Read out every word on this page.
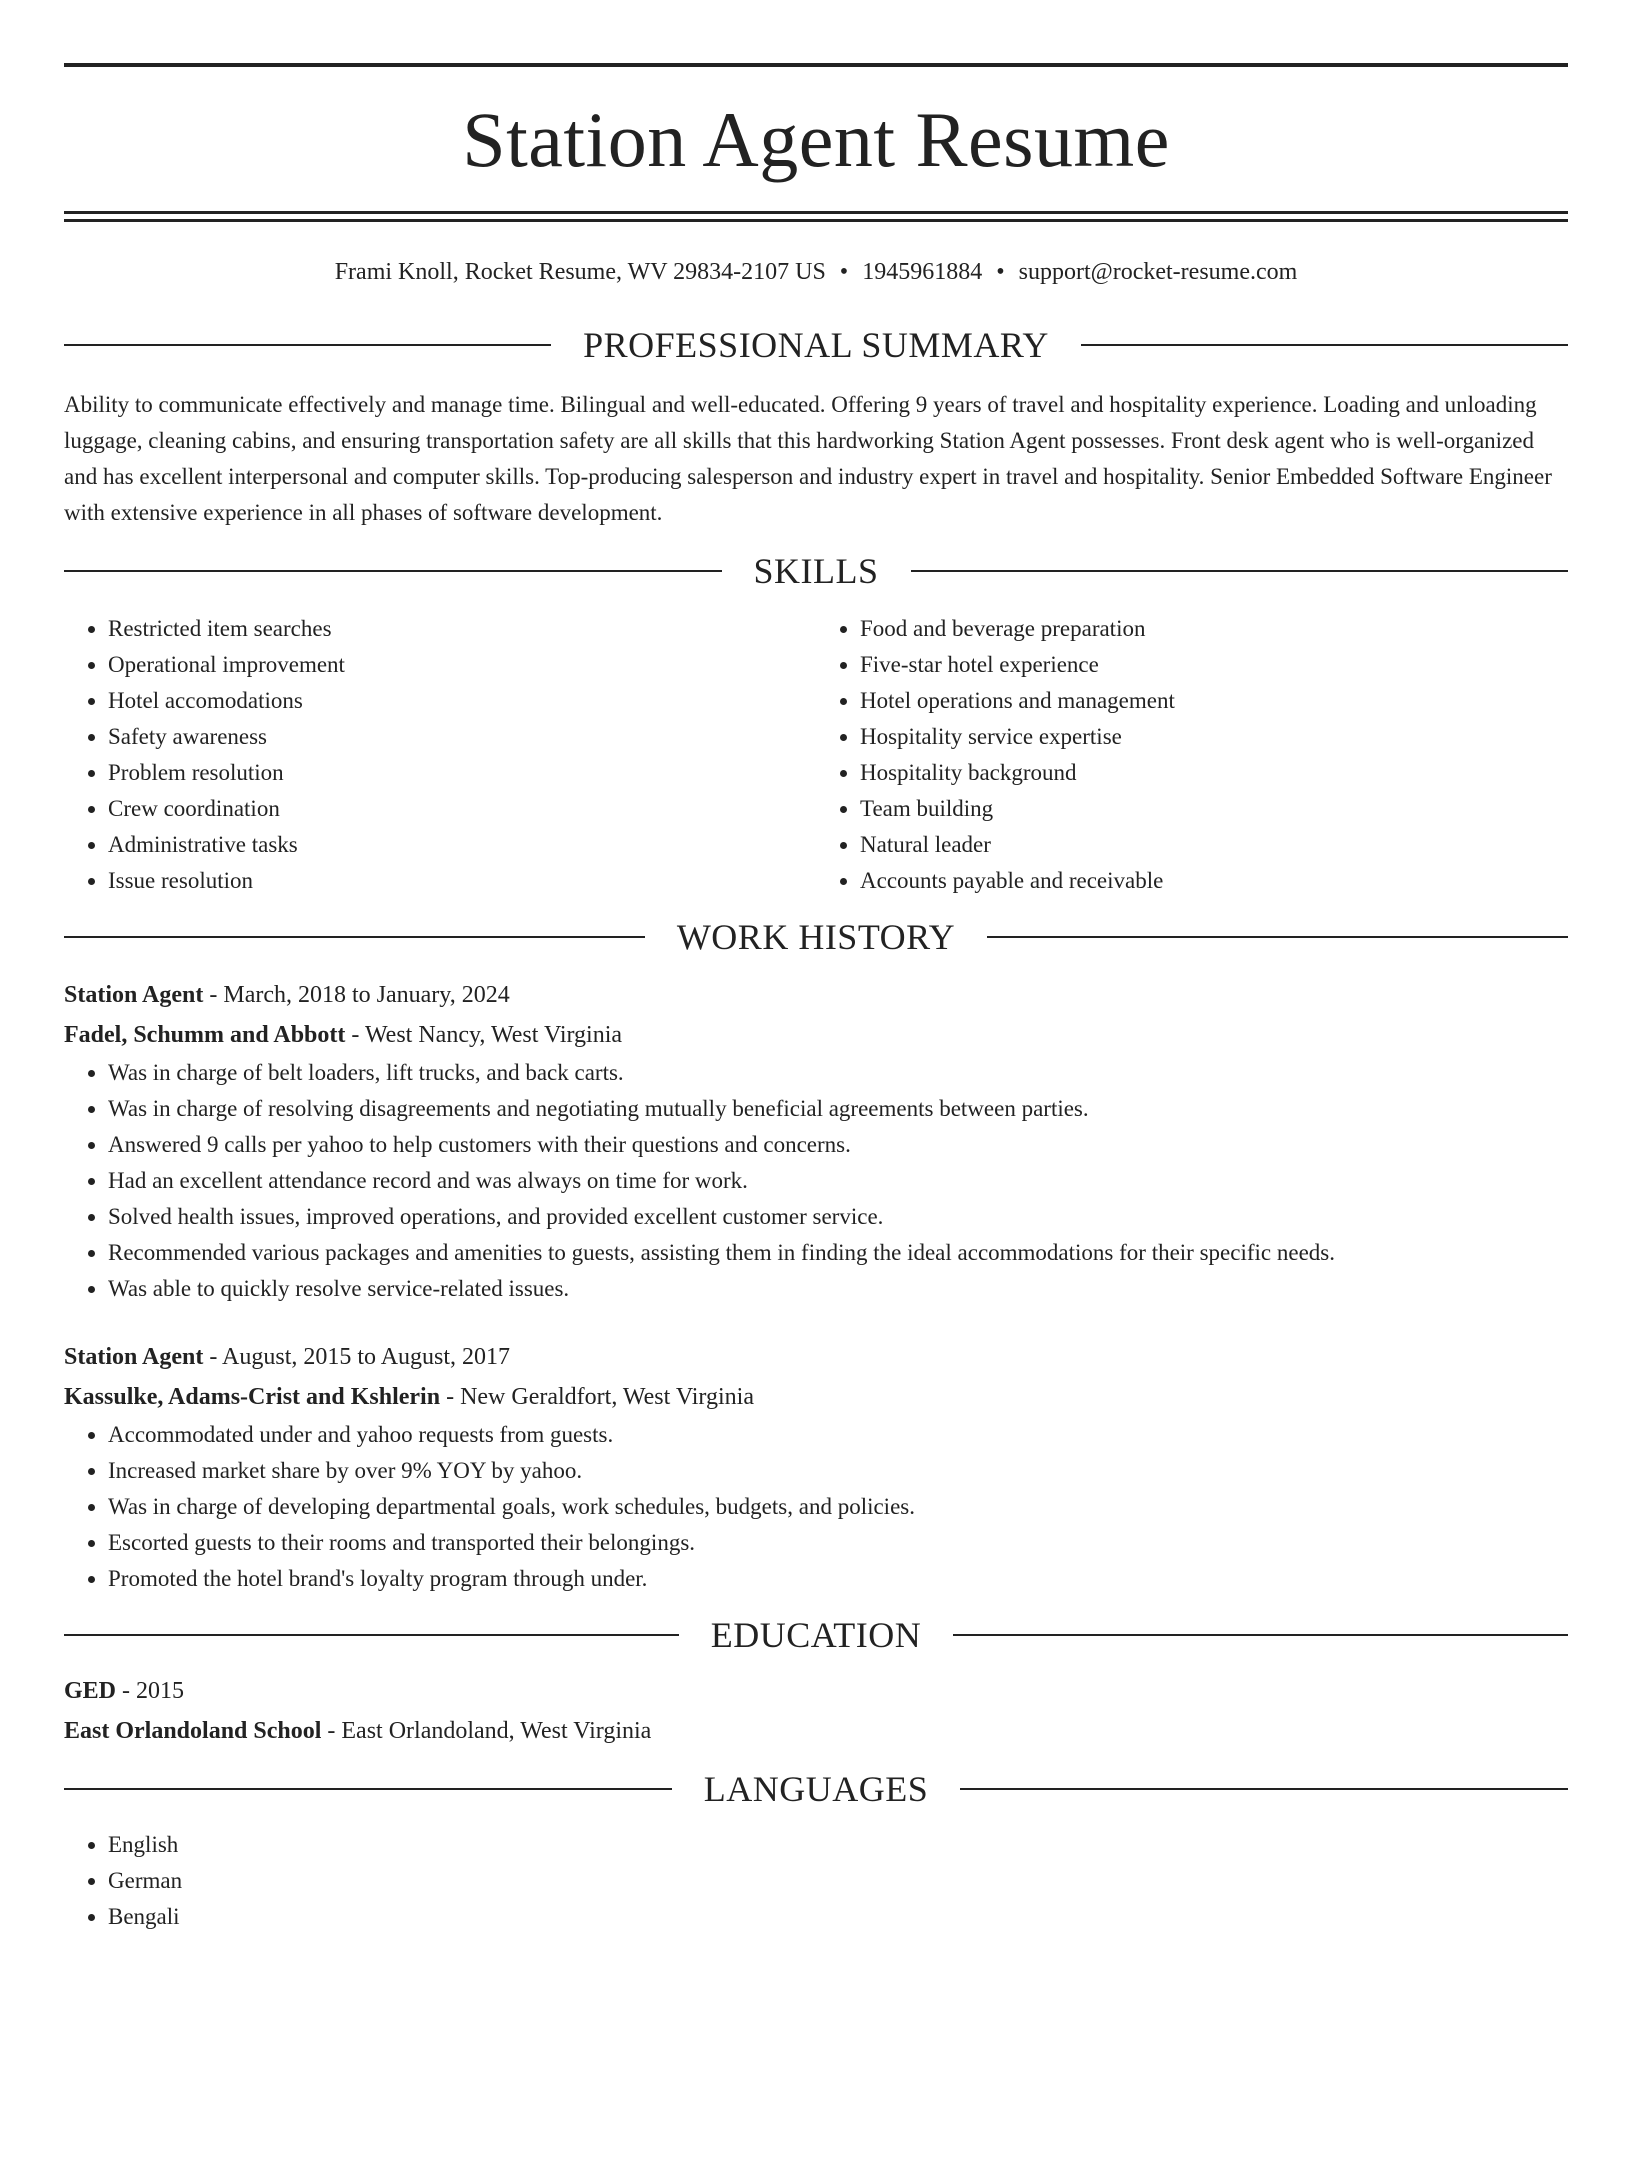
Station Agent Resume
Frami Knoll, Rocket Resume, WV 29834-2107 US • 1945961884 • support@rocket-resume.com
PROFESSIONAL SUMMARY
Ability to communicate effectively and manage time. Bilingual and well-educated. Offering 9 years of travel and hospitality experience. Loading and unloading luggage, cleaning cabins, and ensuring transportation safety are all skills that this hardworking Station Agent possesses. Front desk agent who is well-organized and has excellent interpersonal and computer skills. Top-producing salesperson and industry expert in travel and hospitality. Senior Embedded Software Engineer with extensive experience in all phases of software development.
SKILLS
• Restricted item searches
• Operational improvement
• Hotel accomodations
• Safety awareness
• Problem resolution
• Crew coordination
• Administrative tasks
• Issue resolution
• Food and beverage preparation
• Five-star hotel experience
• Hotel operations and management
• Hospitality service expertise
• Hospitality background
• Team building
• Natural leader
• Accounts payable and receivable
WORK HISTORY
Station Agent - March, 2018 to January, 2024
Fadel, Schumm and Abbott - West Nancy, West Virginia
• Was in charge of belt loaders, lift trucks, and back carts.
• Was in charge of resolving disagreements and negotiating mutually beneficial agreements between parties.
• Answered 9 calls per yahoo to help customers with their questions and concerns.
• Had an excellent attendance record and was always on time for work.
• Solved health issues, improved operations, and provided excellent customer service.
• Recommended various packages and amenities to guests, assisting them in finding the ideal accommodations for their specific needs.
• Was able to quickly resolve service-related issues.
Station Agent - August, 2015 to August, 2017
Kassulke, Adams-Crist and Kshlerin - New Geraldfort, West Virginia
• Accommodated under and yahoo requests from guests.
• Increased market share by over 9% YOY by yahoo.
• Was in charge of developing departmental goals, work schedules, budgets, and policies.
• Escorted guests to their rooms and transported their belongings.
• Promoted the hotel brand's loyalty program through under.
EDUCATION
GED - 2015
East Orlandoland School - East Orlandoland, West Virginia
LANGUAGES
• English
• German
• Bengali
